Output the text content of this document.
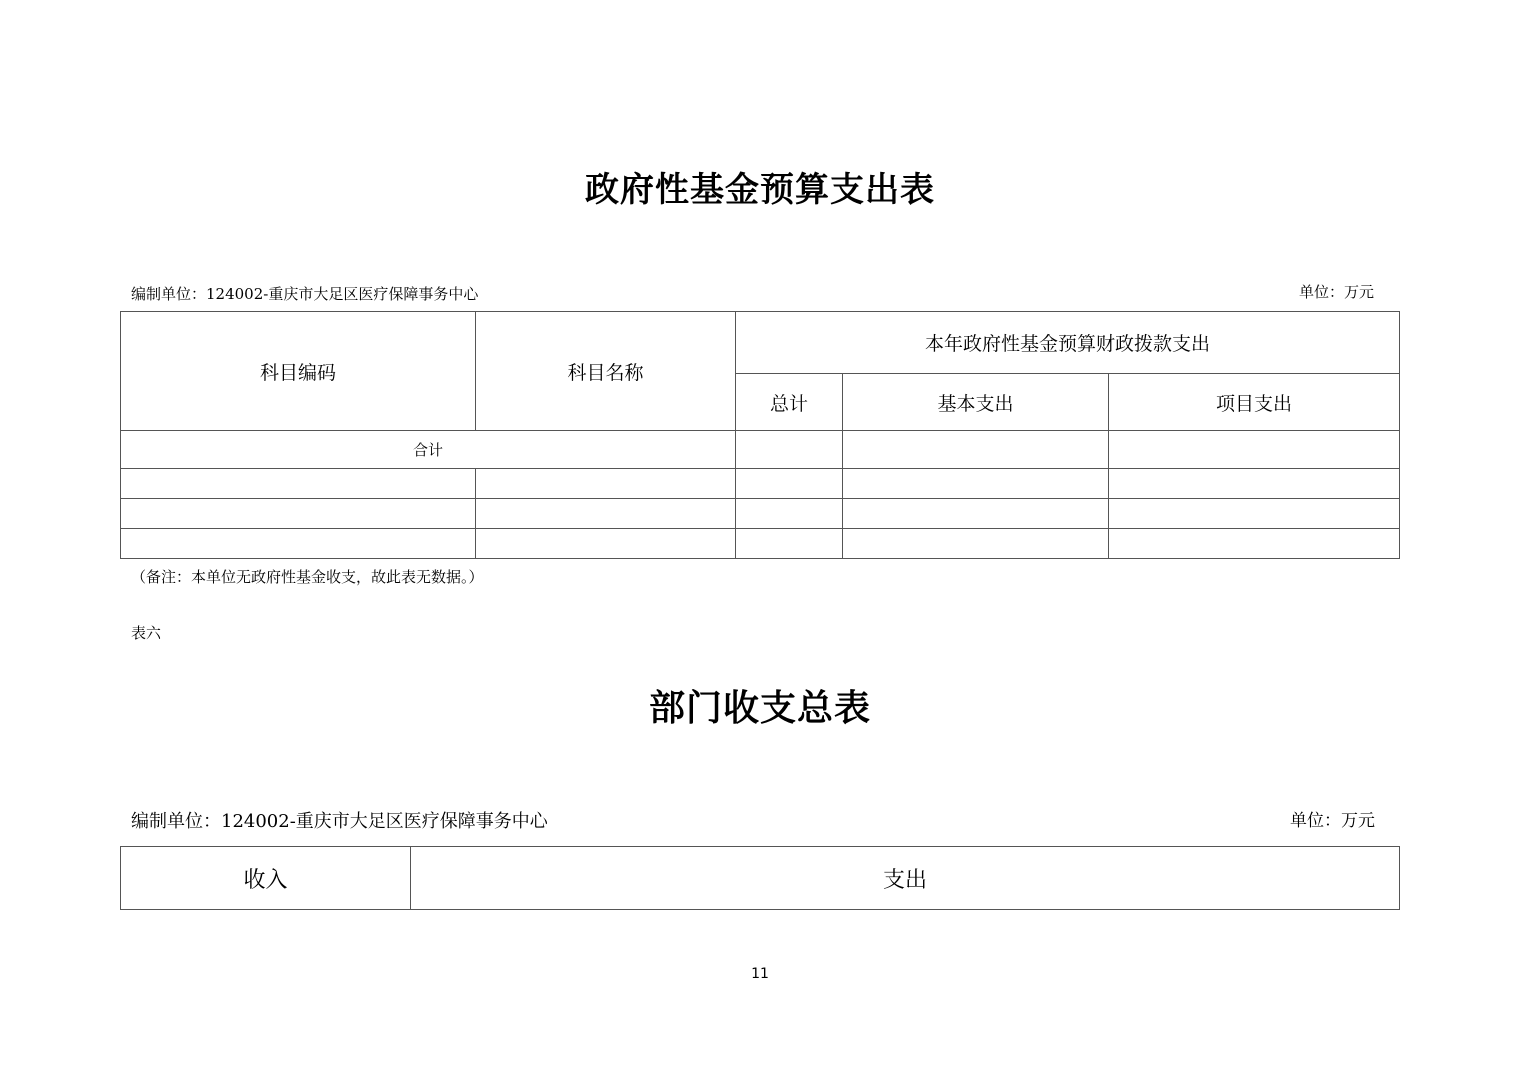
政府性基金预算支出表
编制单位：124002-重庆市大足区医疗保障事务中心	单位：万元
科目编码	科目名称	本年政府性基金预算财政拨款支出		
		总计	基本支出	项目支出
合计				

（备注：本单位无政府性基金收支，故此表无数据。）
表六
部门收支总表
编制单位：124002-重庆市大足区医疗保障事务中心	单位：万元
收入	支出
11
